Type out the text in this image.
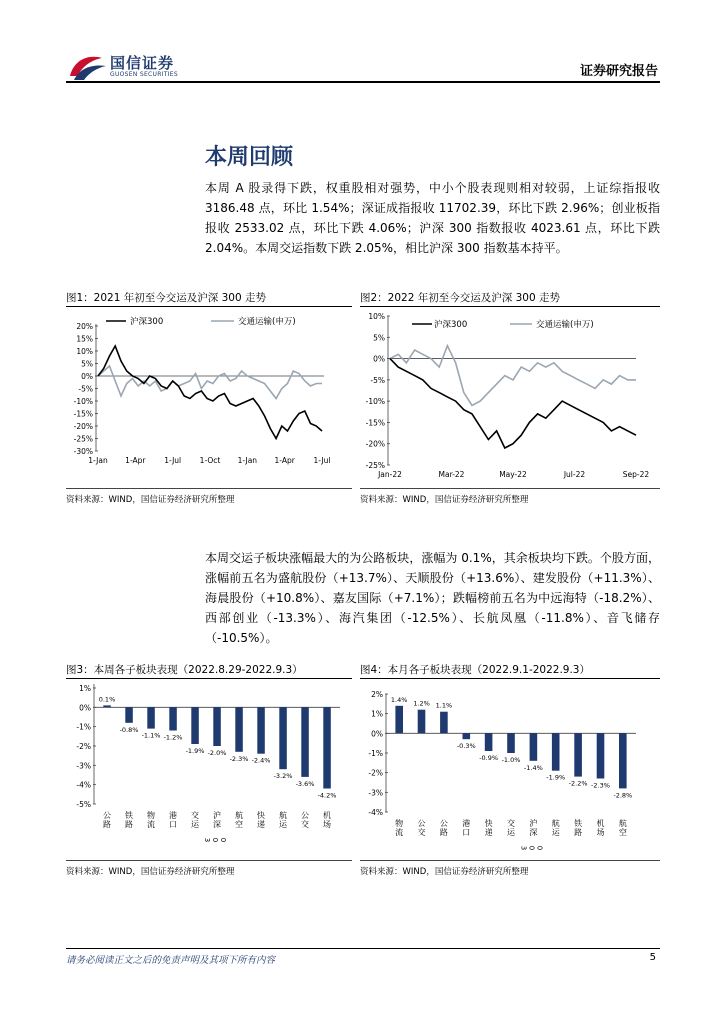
国信证券
GUOSEN SECURITIES	证券研究报告
本周回顾
本周 A 股录得下跌，权重股相对强势，中小个股表现则相对较弱，上证综指报收 3186.48 点，环比 1.54%；深证成指报收 11702.39，环比下跌 2.96%；创业板指报收 2533.02 点，环比下跌 4.06%；沪深 300 指数报收 4023.61 点，环比下跌 2.04%。本周交运指数下跌 2.05%，相比沪深 300 指数基本持平。
图1：2021 年初至今交运及沪深 300 走势	图2：2022 年初至今交运及沪深 300 走势
20%
15%
10%
5%
0%
-5%
-10%
-15%
-20%
-25%
-30%
1-Jan 1-Apr 1-Jul 1-Oct 1-Jan 1-Apr 1-Jul
沪深300	交通运输(申万)
10%
5%
0%
-5%
-10%
-15%
-20%
-25%
Jan-22	Mar-22	May-22	Jul-22	Sep-22
沪深300	交通运输(申万)
资料来源：WIND，国信证券经济研究所整理	资料来源：WIND，国信证券经济研究所整理
本周交运子板块涨幅最大的为公路板块，涨幅为 0.1%，其余板块均下跌。个股方面，涨幅前五名为盛航股份（+13.7%）、天顺股份（+13.6%）、建发股份（+11.3%）、海晨股份（+10.8%）、嘉友国际（+7.1%）；跌幅榜前五名为中远海特（-18.2%）、西部创业（-13.3%）、海汽集团（-12.5%）、长航凤凰（-11.8%）、音飞储存（-10.5%）。
图3：本周各子板块表现（2022.8.29-2022.9.3）	图4：本月各子板块表现（2022.9.1-2022.9.3）
1%
0%
-1%
-2%
-3%
-4%
-5%
0.1%
-0.8%
-1.1% -1.2%
-1.9% -2.0%
-2.3% -2.4%
-3.2%
-3.6%
-4.2%
公路
铁路
物流
港口
交运
沪深 300
航空
快递
航运
公交
机场
2%
1%
0%
-1%
-2%
-3%
-4%
1.4% 1.2% 1.1%
-0.3%
-0.9% -1.0%
-1.4%
-1.9%
-2.2% -2.3%
-2.8%
物流
公交
公路
港口
快递
交运
沪深 300
航运
铁路
机场
航空
资料来源：WIND，国信证券经济研究所整理	资料来源：WIND，国信证券经济研究所整理
请务必阅读正文之后的免责声明及其项下所有内容	5
